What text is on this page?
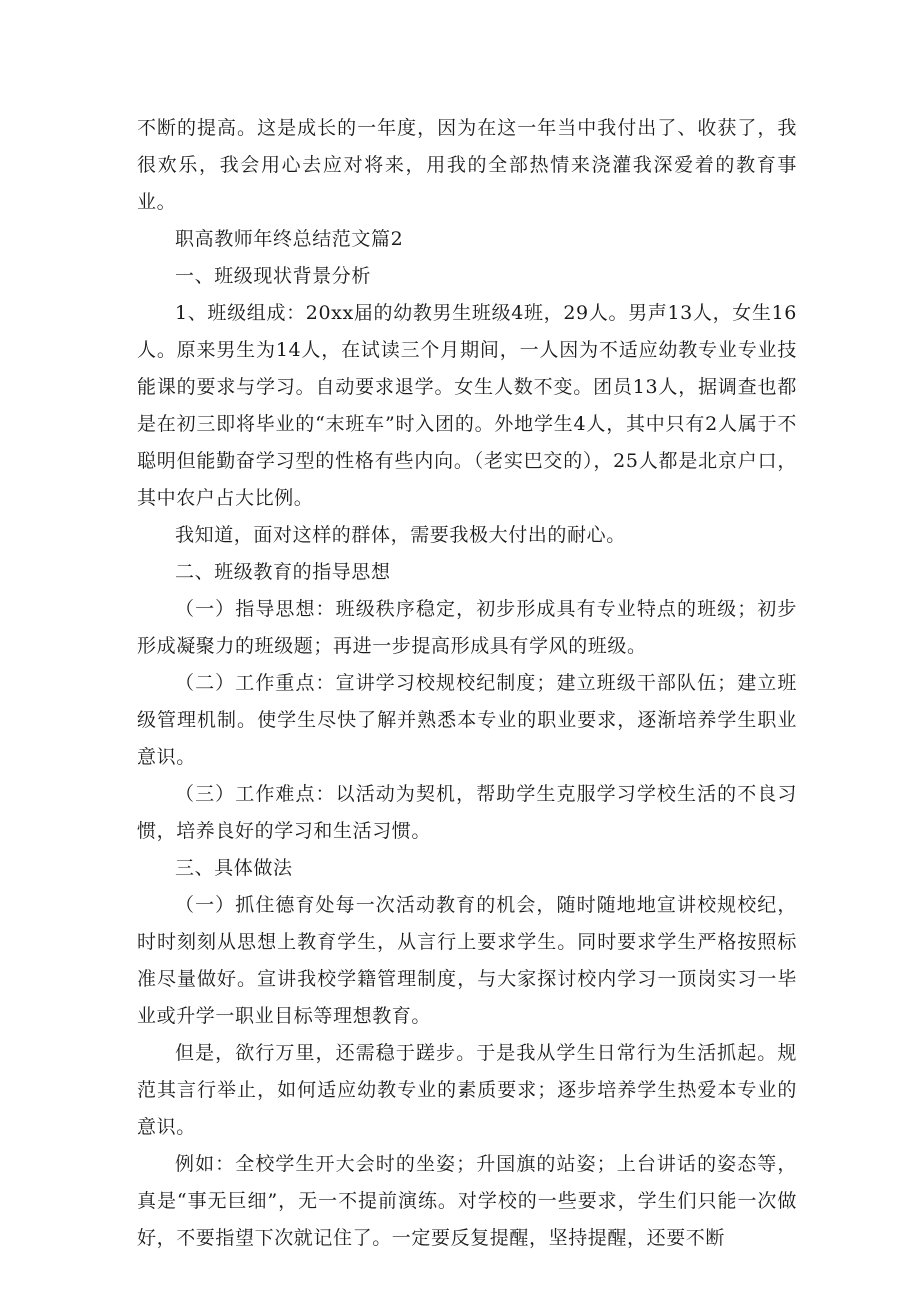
不断的提高。这是成长的一年度，因为在这一年当中我付出了、收获了，我很欢乐，我会用心去应对将来，用我的全部热情来浇灌我深爱着的教育事业。

职高教师年终总结范文篇2

一、班级现状背景分析

1、班级组成：20xx届的幼教男生班级4班，29人。男声13人，女生16人。原来男生为14人，在试读三个月期间，一人因为不适应幼教专业专业技能课的要求与学习。自动要求退学。女生人数不变。团员13人，据调查也都是在初三即将毕业的“末班车”时入团的。外地学生4人，其中只有2人属于不聪明但能勤奋学习型的性格有些内向。（老实巴交的），25人都是北京户口，其中农户占大比例。

我知道，面对这样的群体，需要我极大付出的耐心。

二、班级教育的指导思想

（一）指导思想：班级秩序稳定，初步形成具有专业特点的班级；初步形成凝聚力的班级题；再进一步提高形成具有学风的班级。

（二）工作重点：宣讲学习校规校纪制度；建立班级干部队伍；建立班级管理机制。使学生尽快了解并熟悉本专业的职业要求，逐渐培养学生职业意识。

（三）工作难点：以活动为契机，帮助学生克服学习学校生活的不良习惯，培养良好的学习和生活习惯。

三、具体做法

（一）抓住德育处每一次活动教育的机会，随时随地地宣讲校规校纪，时时刻刻从思想上教育学生，从言行上要求学生。同时要求学生严格按照标准尽量做好。宣讲我校学籍管理制度，与大家探讨校内学习一顶岗实习一毕业或升学一职业目标等理想教育。

但是，欲行万里，还需稳于蹉步。于是我从学生日常行为生活抓起。规范其言行举止，如何适应幼教专业的素质要求；逐步培养学生热爱本专业的意识。

例如：全校学生开大会时的坐姿；升国旗的站姿；上台讲话的姿态等，真是“事无巨细”，无一不提前演练。对学校的一些要求，学生们只能一次做好，不要指望下次就记住了。一定要反复提醒，坚持提醒，还要不断
